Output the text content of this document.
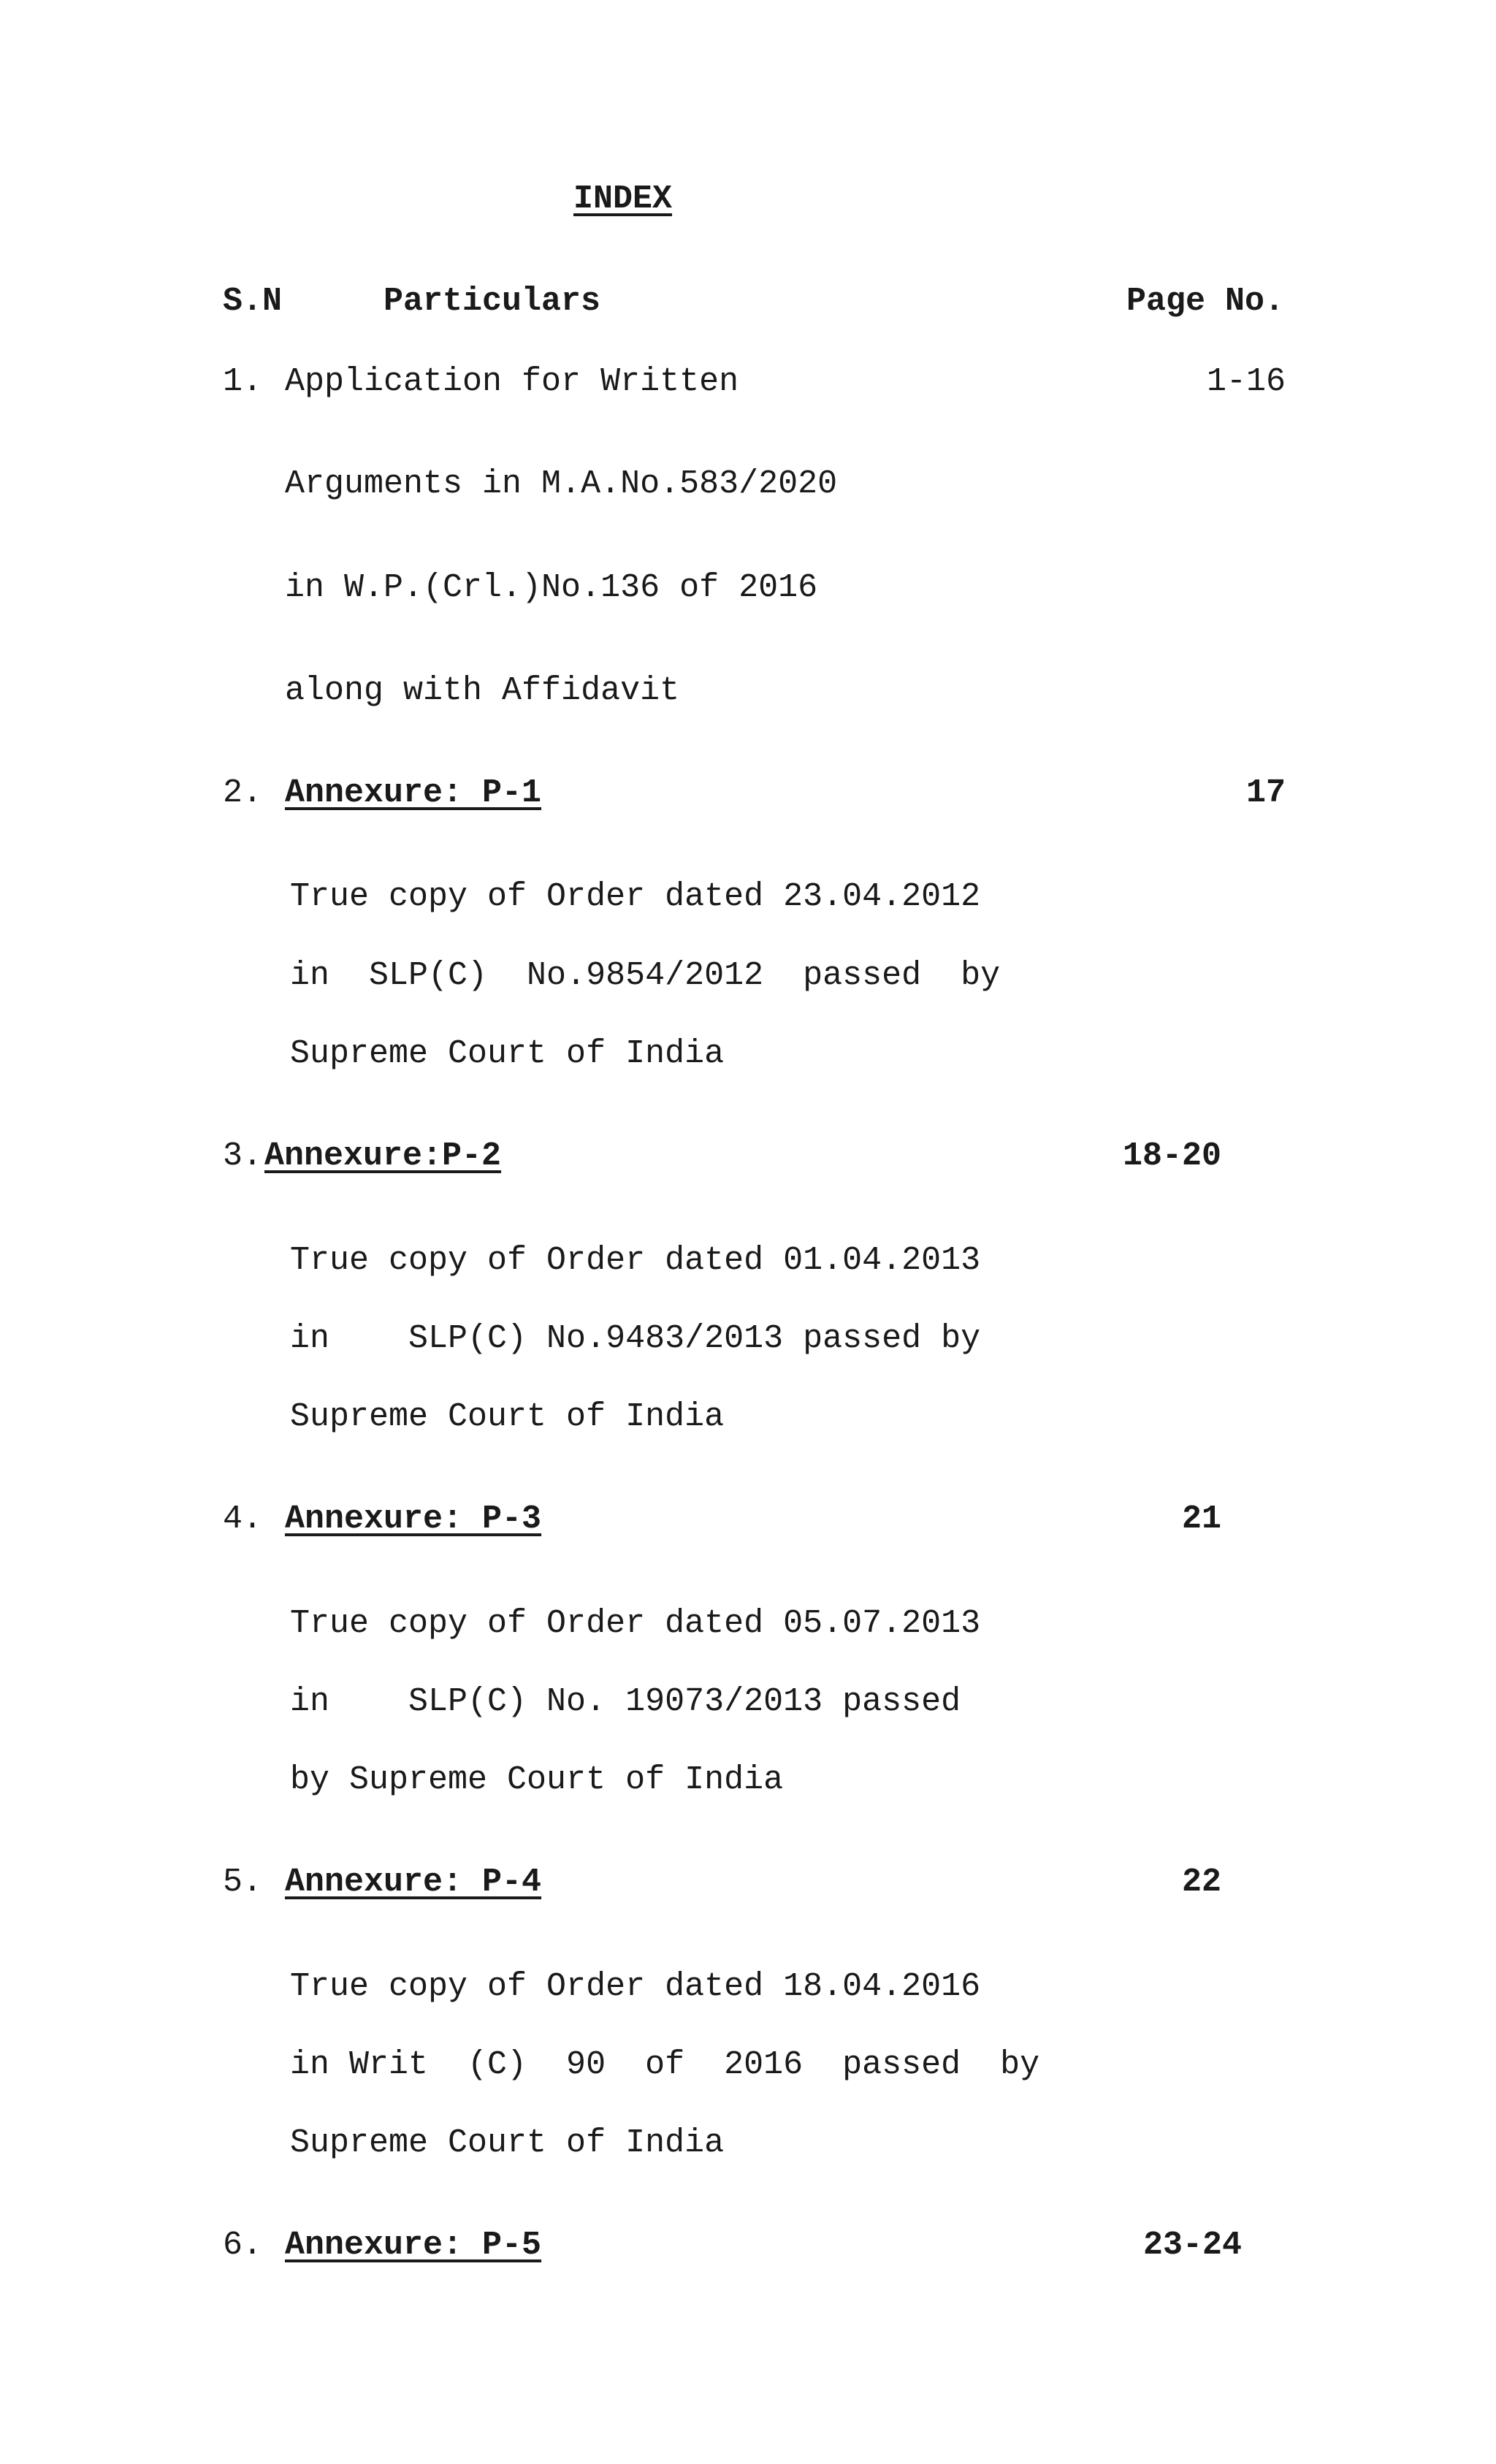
INDEX
S.N	Particulars	Page No.
1. Application for Written	1-16
Arguments in M.A.No.583/2020
in W.P.(Crl.)No.136 of 2016
along with Affidavit
2. Annexure: P-1	17
True copy of Order dated 23.04.2012
in  SLP(C)  No.9854/2012  passed  by
Supreme Court of India
3. Annexure:P-2	18-20
True copy of Order dated 01.04.2013
in    SLP(C) No.9483/2013 passed by
Supreme Court of India
4. Annexure: P-3	21
True copy of Order dated 05.07.2013
in    SLP(C) No. 19073/2013 passed
by Supreme Court of India
5. Annexure: P-4	22
True copy of Order dated 18.04.2016
in Writ  (C)  90  of  2016  passed  by
Supreme Court of India
6. Annexure: P-5	23-24
